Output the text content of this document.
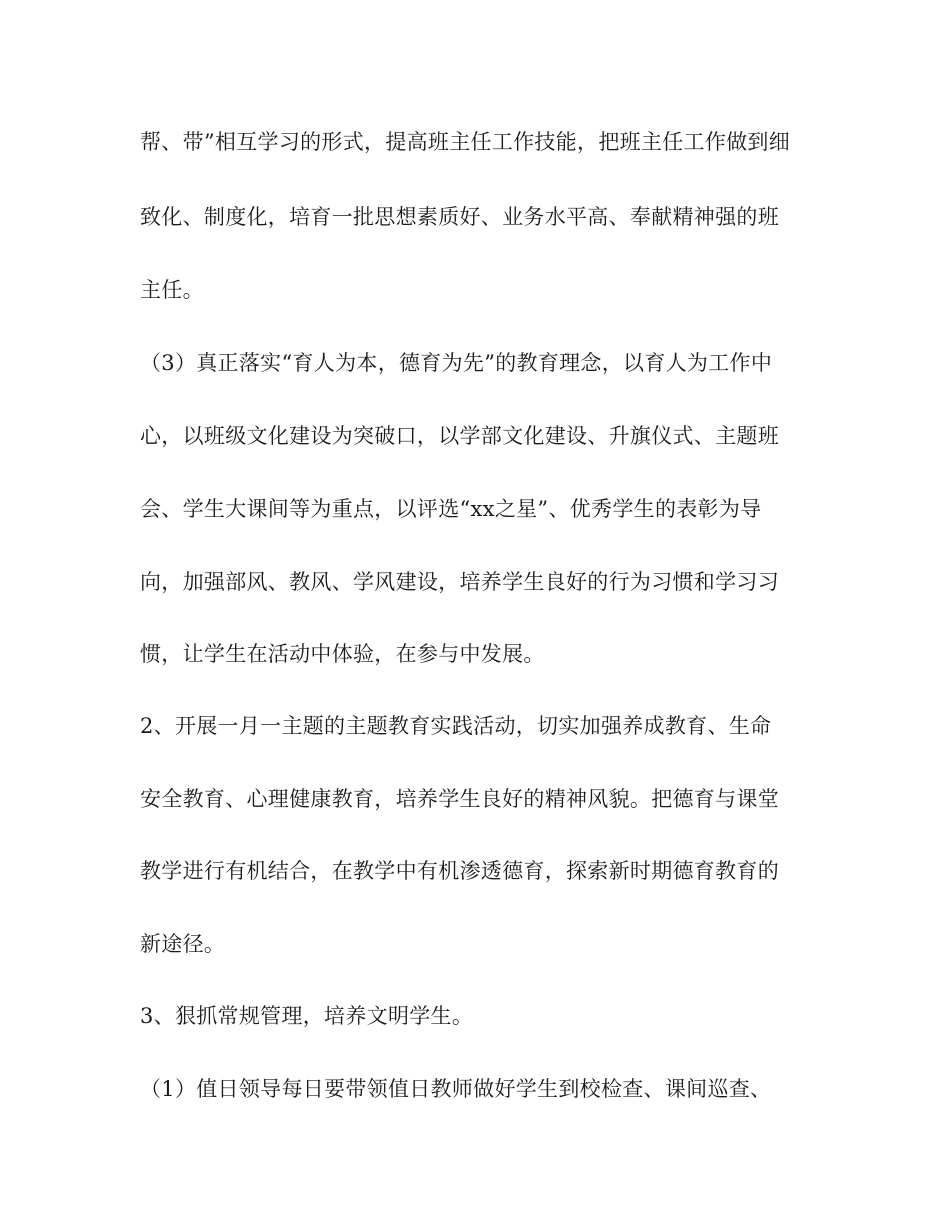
帮、带”相互学习的形式，提高班主任工作技能，把班主任工作做到细
致化、制度化，培育一批思想素质好、业务水平高、奉献精神强的班
主任。
（3）真正落实“育人为本，德育为先”的教育理念，以育人为工作中
心，以班级文化建设为突破口，以学部文化建设、升旗仪式、主题班
会、学生大课间等为重点，以评选“xx之星”、优秀学生的表彰为导
向，加强部风、教风、学风建设，培养学生良好的行为习惯和学习习
惯，让学生在活动中体验，在参与中发展。
2、开展一月一主题的主题教育实践活动，切实加强养成教育、生命
安全教育、心理健康教育，培养学生良好的精神风貌。把德育与课堂
教学进行有机结合，在教学中有机渗透德育，探索新时期德育教育的
新途径。
3、狠抓常规管理，培养文明学生。
（1）值日领导每日要带领值日教师做好学生到校检查、课间巡查、
